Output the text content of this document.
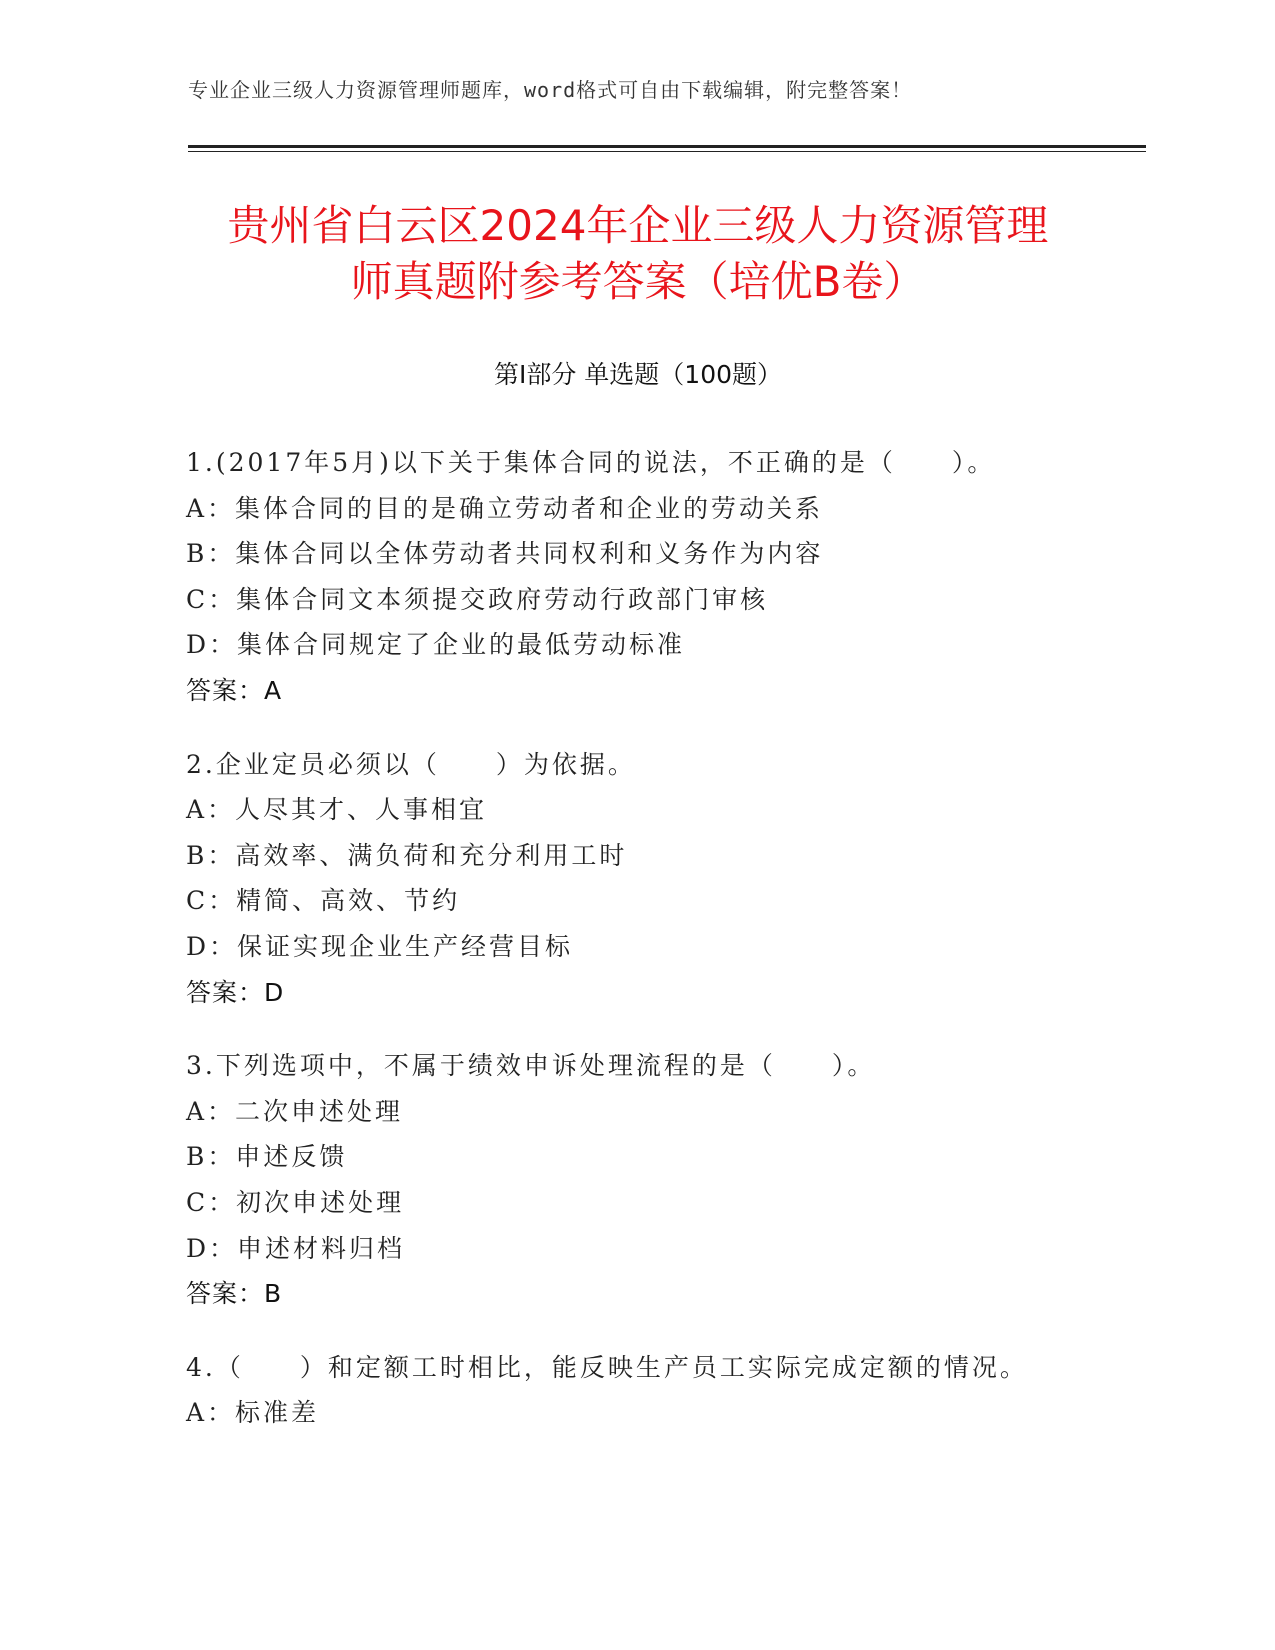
专业企业三级人力资源管理师题库，word格式可自由下载编辑，附完整答案！
贵州省白云区2024年企业三级人力资源管理
师真题附参考答案（培优B卷）
第I部分 单选题（100题）
1.(2017年5月)以下关于集体合同的说法，不正确的是（　　）。
A：集体合同的目的是确立劳动者和企业的劳动关系
B：集体合同以全体劳动者共同权利和义务作为内容
C：集体合同文本须提交政府劳动行政部门审核
D：集体合同规定了企业的最低劳动标准
答案：A
2.企业定员必须以（　　）为依据。
A：人尽其才、人事相宜
B：高效率、满负荷和充分利用工时
C：精简、高效、节约
D：保证实现企业生产经营目标
答案：D
3.下列选项中，不属于绩效申诉处理流程的是（　　）。
A：二次申述处理
B：申述反馈
C：初次申述处理
D：申述材料归档
答案：B
4.（　　）和定额工时相比，能反映生产员工实际完成定额的情况。
A：标准差
